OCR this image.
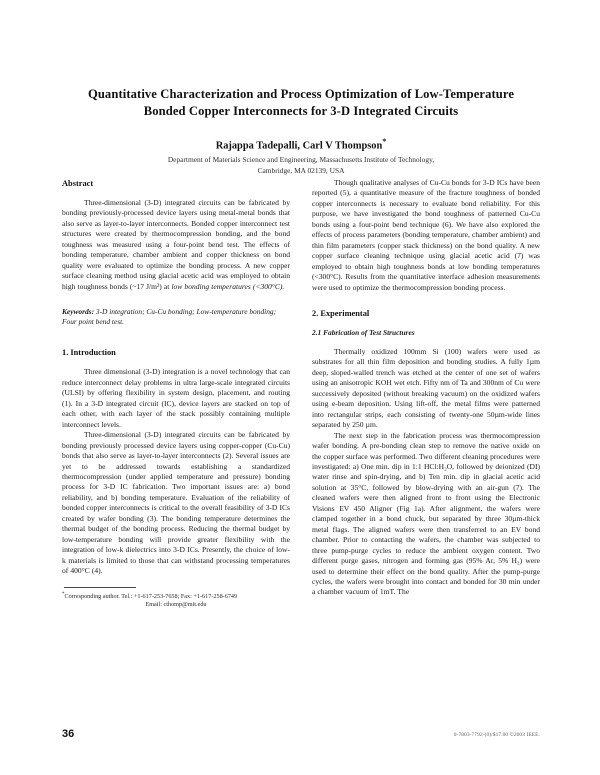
Quantitative Characterization and Process Optimization of Low-Temperature
Bonded Copper Interconnects for 3-D Integrated Circuits
Rajappa Tadepalli, Carl V Thompson*
Department of Materials Science and Engineering, Massachusetts Institute of Technology,
Cambridge, MA 02139, USA
Abstract

Three-dimensional (3-D) integrated circuits can be fabricated by bonding previously-processed device layers using metal-metal bonds that also serve as layer-to-layer interconnects. Bonded copper interconnect test structures were created by thermocompression bonding, and the bond toughness was measured using a four-point bend test. The effects of bonding temperature, chamber ambient and copper thickness on bond quality were evaluated to optimize the bonding process. A new copper surface cleaning method using glacial acetic acid was employed to obtain high toughness bonds (~17 J/m²) at low bonding temperatures (<300°C).

Keywords: 3-D integration; Cu-Cu bonding; Low-temperature bonding; Four point bend test.

1. Introduction

Three dimensional (3-D) integration is a novel technology that can reduce interconnect delay problems in ultra large-scale integrated circuits (ULSI) by offering flexibility in system design, placement, and routing (1). In a 3-D integrated circuit (IC), device layers are stacked on top of each other, with each layer of the stack possibly containing multiple interconnect levels.

Three-dimensional (3-D) integrated circuits can be fabricated by bonding previously processed device layers using copper-copper (Cu-Cu) bonds that also serve as layer-to-layer interconnects (2). Several issues are yet to be addressed towards establishing a standardized thermocompression (under applied temperature and pressure) bonding process for 3-D IC fabrication. Two important issues are: a) bond reliability, and b) bonding temperature. Evaluation of the reliability of bonded copper interconnects is critical to the overall feasibility of 3-D ICs created by wafer bonding (3). The bonding temperature determines the thermal budget of the bonding process. Reducing the thermal budget by low-temperature bonding will provide greater flexibility with the integration of low-k dielectrics into 3-D ICs. Presently, the choice of low-k materials is limited to those that can withstand processing temperatures of 400°C (4).

*Corresponding author. Tel.: +1-617-253-7658; Fax: +1-617-258-6749

Email: cthomp@mit.edu

Though qualitative analyses of Cu-Cu bonds for 3-D ICs have been reported (5), a quantitative measure of the fracture toughness of bonded copper interconnects is necessary to evaluate bond reliability. For this purpose, we have investigated the bond toughness of patterned Cu-Cu bonds using a four-point bend technique (6). We have also explored the effects of process parameters (bonding temperature, chamber ambient) and thin film parameters (copper stack thickness) on the bond quality. A new copper surface cleaning technique using glacial acetic acid (7) was employed to obtain high toughness bonds at low bonding temperatures (<300°C). Results from the quantitative interface adhesion measurements were used to optimize the thermocompression bonding process.

2. Experimental
2.1 Fabrication of Test Structures

Thermally oxidized 100mm Si (100) wafers were used as substrates for all thin film deposition and bonding studies. A fully 1µm deep, sloped-walled trench was etched at the center of one set of wafers using an anisotropic KOH wet etch. Fifty nm of Ta and 300nm of Cu were successively deposited (without breaking vacuum) on the oxidized wafers using e-beam deposition. Using lift-off, the metal films were patterned into rectangular strips, each consisting of twenty-one 50µm-wide lines separated by 250 µm.

The next step in the fabrication process was thermocompression wafer bonding. A pre-bonding clean step to remove the native oxide on the copper surface was performed. Two different cleaning procedures were investigated: a) One min. dip in 1:1 HCl:H₂O, followed by deionized (DI) water rinse and spin-drying, and b) Ten min. dip in glacial acetic acid solution at 35°C, followed by blow-drying with an air-gun (7). The cleaned wafers were then aligned front to front using the Electronic Visions EV 450 Aligner (Fig 1a). After alignment, the wafers were clamped together in a bond chuck, but separated by three 30µm-thick metal flags. The aligned wafers were then transferred to an EV bond chamber. Prior to contacting the wafers, the chamber was subjected to three pump-purge cycles to reduce the ambient oxygen content. Two different purge gases, nitrogen and forming gas (95% Ar, 5% H₂) were used to determine their effect on the bond quality. After the pump-purge cycles, the wafers were brought into contact and bonded for 30 min under a chamber vacuum of 1mT. The

36	0-7803-7792-(0)/$17.00 ©2003 IEEE.
